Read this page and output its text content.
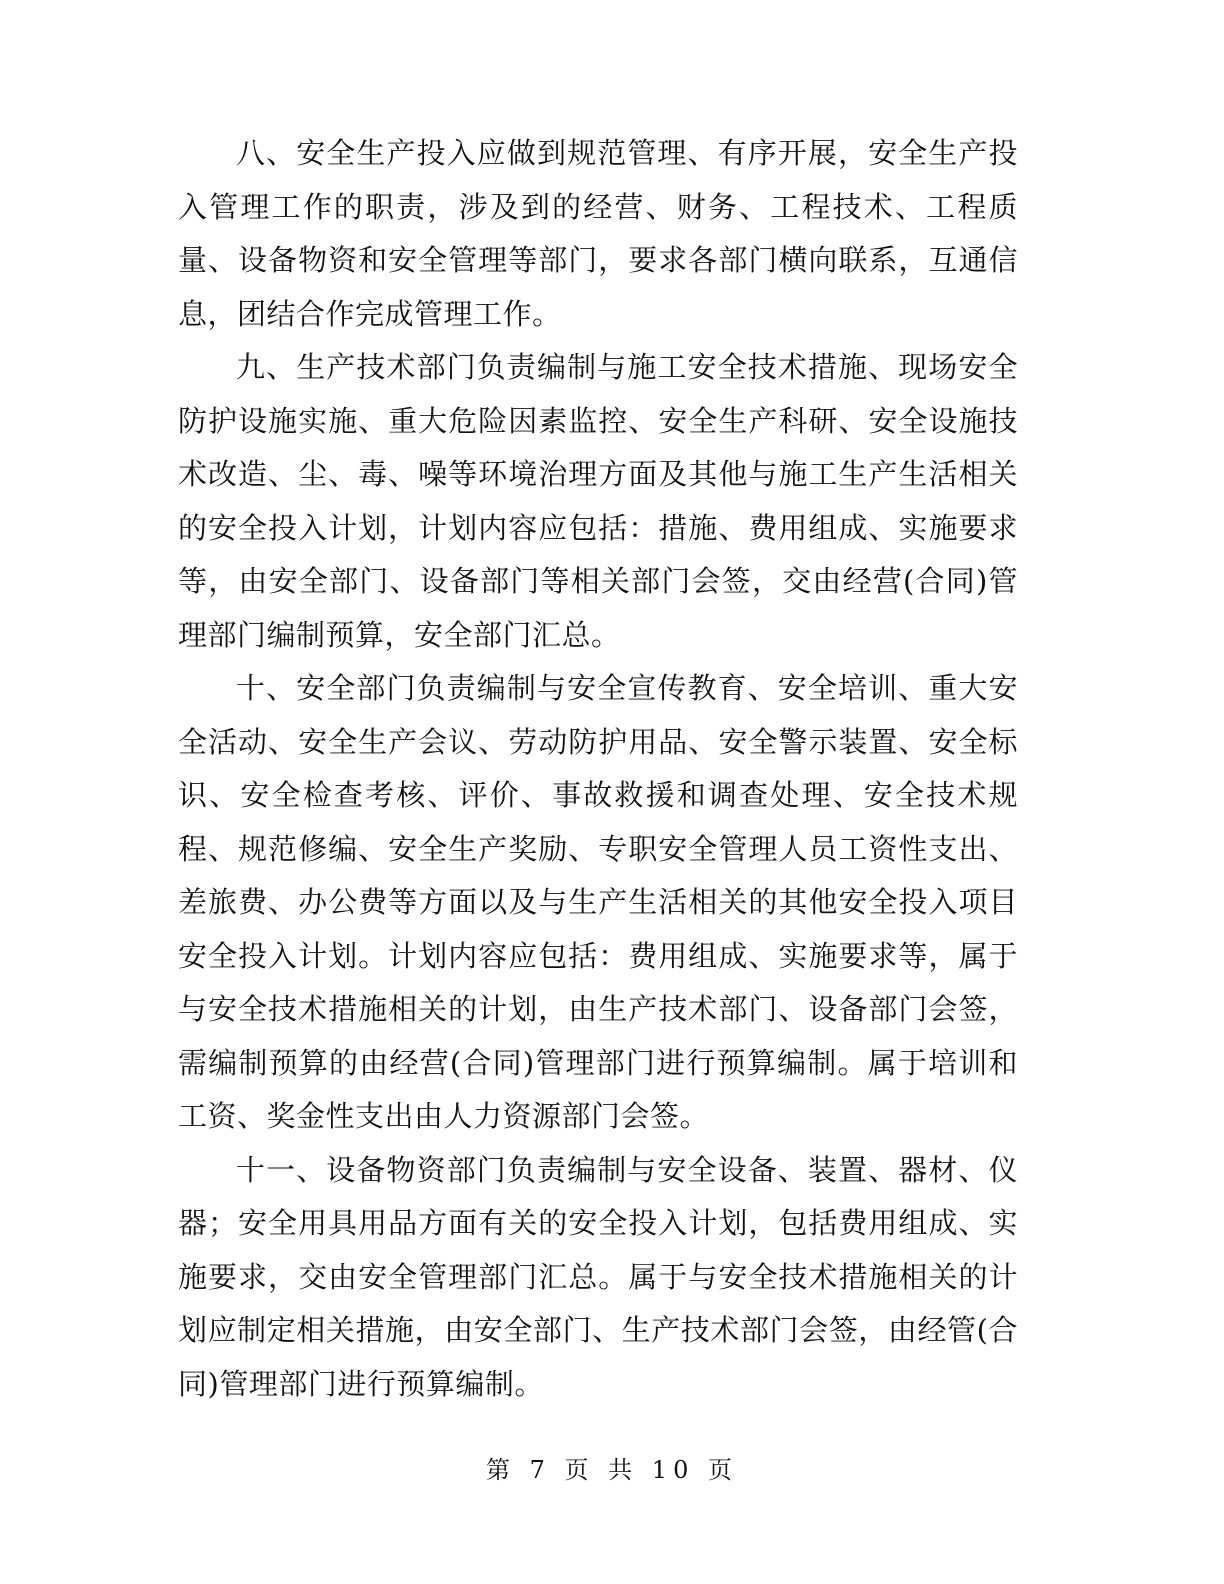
八、安全生产投入应做到规范管理、有序开展，安全生产投入管理工作的职责，涉及到的经营、财务、工程技术、工程质量、设备物资和安全管理等部门，要求各部门横向联系，互通信息，团结合作完成管理工作。

九、生产技术部门负责编制与施工安全技术措施、现场安全防护设施实施、重大危险因素监控、安全生产科研、安全设施技术改造、尘、毒、噪等环境治理方面及其他与施工生产生活相关的安全投入计划，计划内容应包括：措施、费用组成、实施要求等，由安全部门、设备部门等相关部门会签，交由经营(合同)管理部门编制预算，安全部门汇总。

十、安全部门负责编制与安全宣传教育、安全培训、重大安全活动、安全生产会议、劳动防护用品、安全警示装置、安全标识、安全检查考核、评价、事故救援和调查处理、安全技术规程、规范修编、安全生产奖励、专职安全管理人员工资性支出、差旅费、办公费等方面以及与生产生活相关的其他安全投入项目安全投入计划。计划内容应包括：费用组成、实施要求等，属于与安全技术措施相关的计划，由生产技术部门、设备部门会签，需编制预算的由经营(合同)管理部门进行预算编制。属于培训和工资、奖金性支出由人力资源部门会签。

十一、设备物资部门负责编制与安全设备、装置、器材、仪器；安全用具用品方面有关的安全投入计划，包括费用组成、实施要求，交由安全管理部门汇总。属于与安全技术措施相关的计划应制定相关措施，由安全部门、生产技术部门会签，由经管(合同)管理部门进行预算编制。

第 7 页 共 10 页
